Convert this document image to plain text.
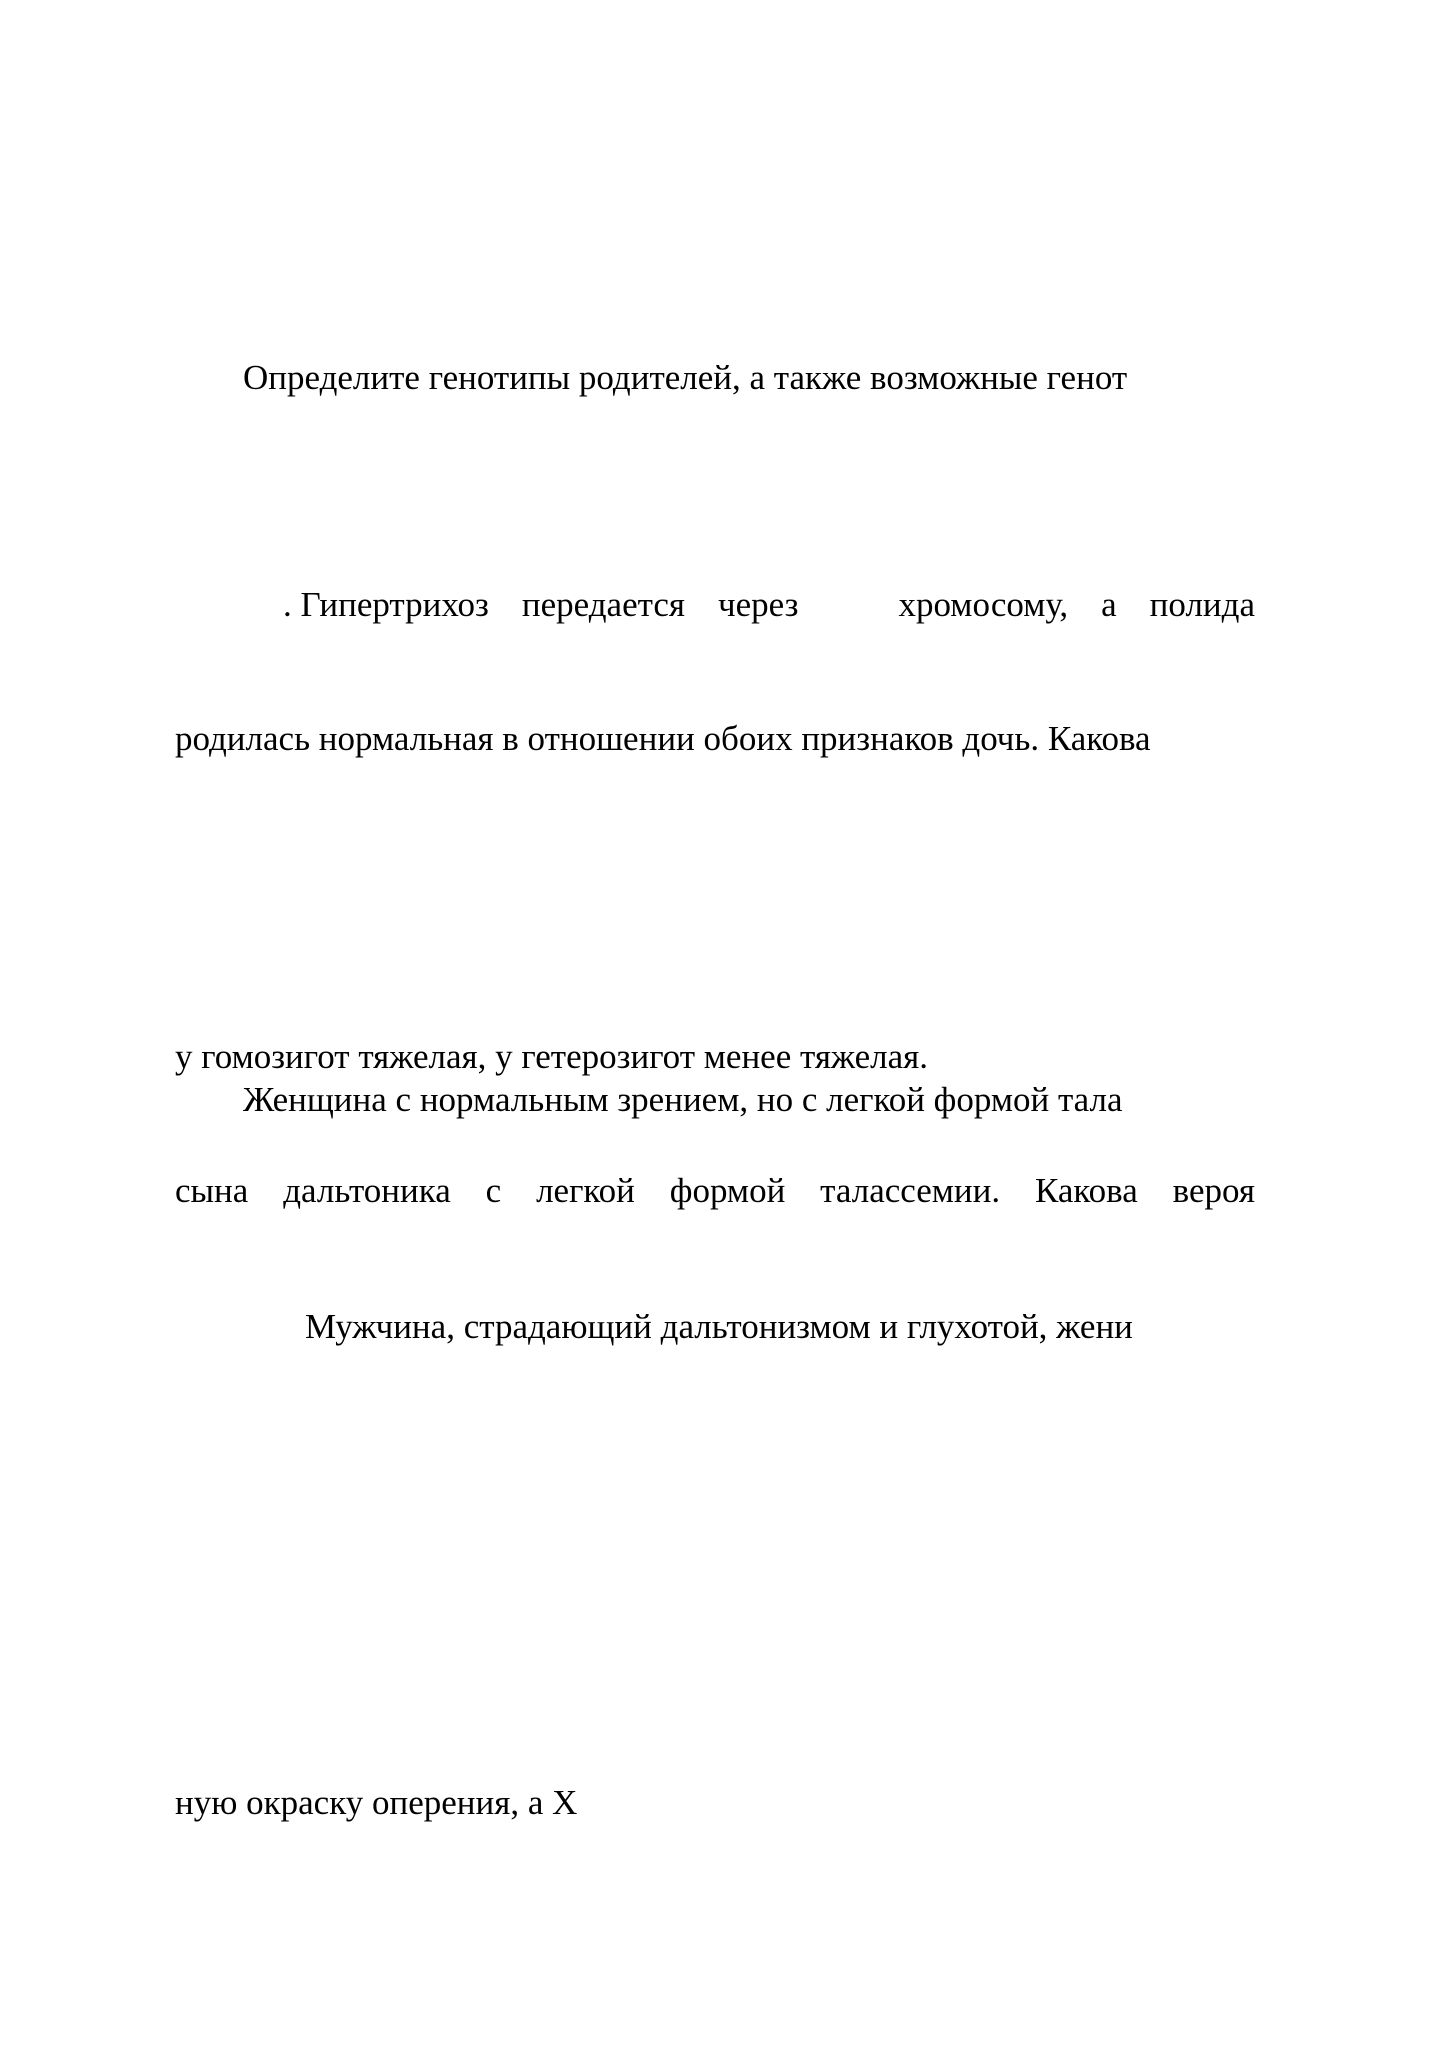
Определите генотипы родителей, а также возможные генот

. Гипертрихоз передается через	хромосому, а полида

родилась нормальная в отношении обоих признаков дочь. Какова

у гомозигот тяжелая, у гетерозигот менее тяжелая.

Женщина с нормальным зрением, но с легкой формой тала

сына дальтоника с легкой формой талассемии. Какова вероя

Мужчина, страдающий дальтонизмом и глухотой, жени

ную окраску оперения, а Х
